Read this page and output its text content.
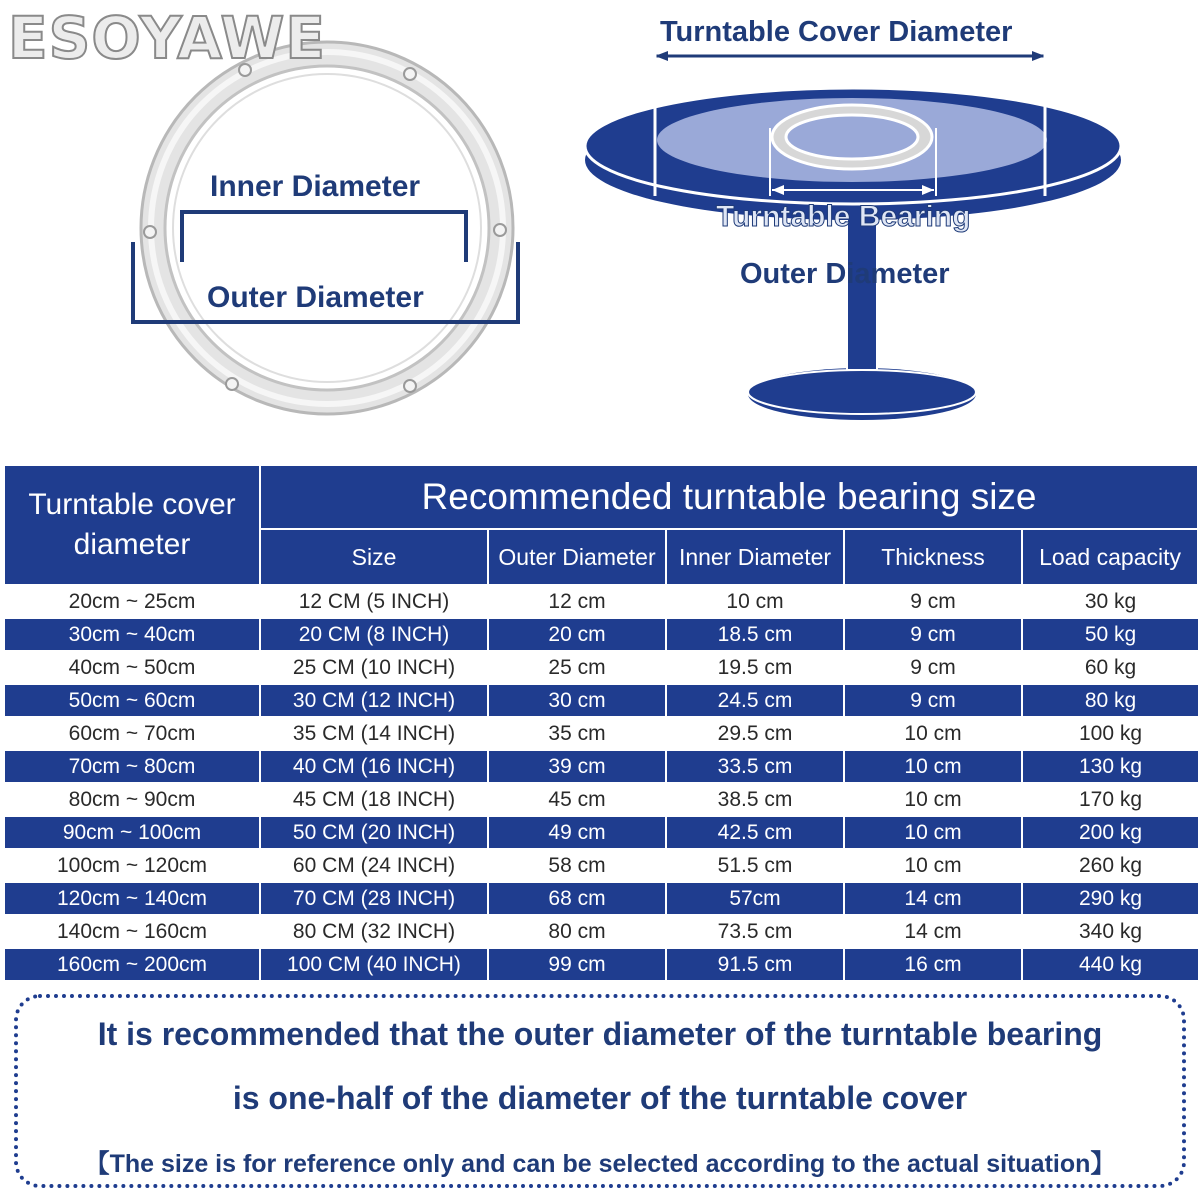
ESOYAWE
Inner Diameter
Outer Diameter
Turntable Cover Diameter
Turntable Bearing
Outer Diameter
Turntable cover diameter	Recommended turntable bearing size				
	Size	Outer Diameter	Inner Diameter	Thickness	Load capacity
20cm ~ 25cm	12 CM (5 INCH)	12 cm	10 cm	9 cm	30 kg
30cm ~ 40cm	20 CM (8 INCH)	20 cm	18.5 cm	9 cm	50 kg
40cm ~ 50cm	25 CM (10 INCH)	25 cm	19.5 cm	9 cm	60 kg
50cm ~ 60cm	30 CM (12 INCH)	30 cm	24.5 cm	9 cm	80 kg
60cm ~ 70cm	35 CM (14 INCH)	35 cm	29.5 cm	10 cm	100 kg
70cm ~ 80cm	40 CM (16 INCH)	39 cm	33.5 cm	10 cm	130 kg
80cm ~ 90cm	45 CM (18 INCH)	45 cm	38.5 cm	10 cm	170 kg
90cm ~ 100cm	50 CM (20 INCH)	49 cm	42.5 cm	10 cm	200 kg
100cm ~ 120cm	60 CM (24 INCH)	58 cm	51.5 cm	10 cm	260 kg
120cm ~ 140cm	70 CM (28 INCH)	68 cm	57cm	14 cm	290 kg
140cm ~ 160cm	80 CM (32 INCH)	80 cm	73.5 cm	14 cm	340 kg
160cm ~ 200cm	100 CM (40 INCH)	99 cm	91.5 cm	16 cm	440 kg
It is recommended that the outer diameter of the turntable bearing
is one-half of the diameter of the turntable cover
【The size is for reference only and can be selected according to the actual situation】
